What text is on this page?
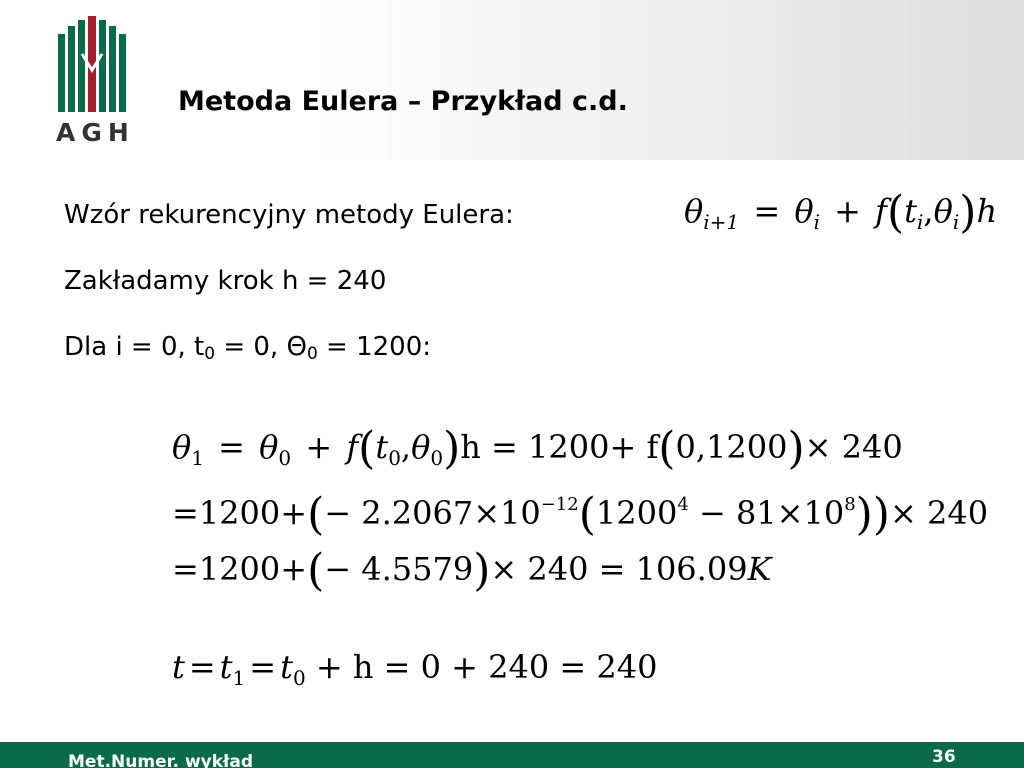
AGH
Metoda Eulera – Przykład c.d.
Wzór rekurencyjny metody Eulera:	$\theta_{i+1} = \theta_i + f(t_i,\theta_i)h$
Zakładamy krok h = 240
Dla i = 0, $t_0 = 0$, $\Theta_0 = 1200$:
$\theta_1 = \theta_0 + f(t_0,\theta_0)h = 1200+ f(0,1200)\times 240$
$=1200+(- 2.2067\times 10^{-12}(1200^4 - 81\times 10^8))\times 240$
=1200+(− 4.5579)× 240 = 106.09K
$t = t_1 = t_0 + h = 0 + 240 = 240$
Met.Numer. wykład	36
